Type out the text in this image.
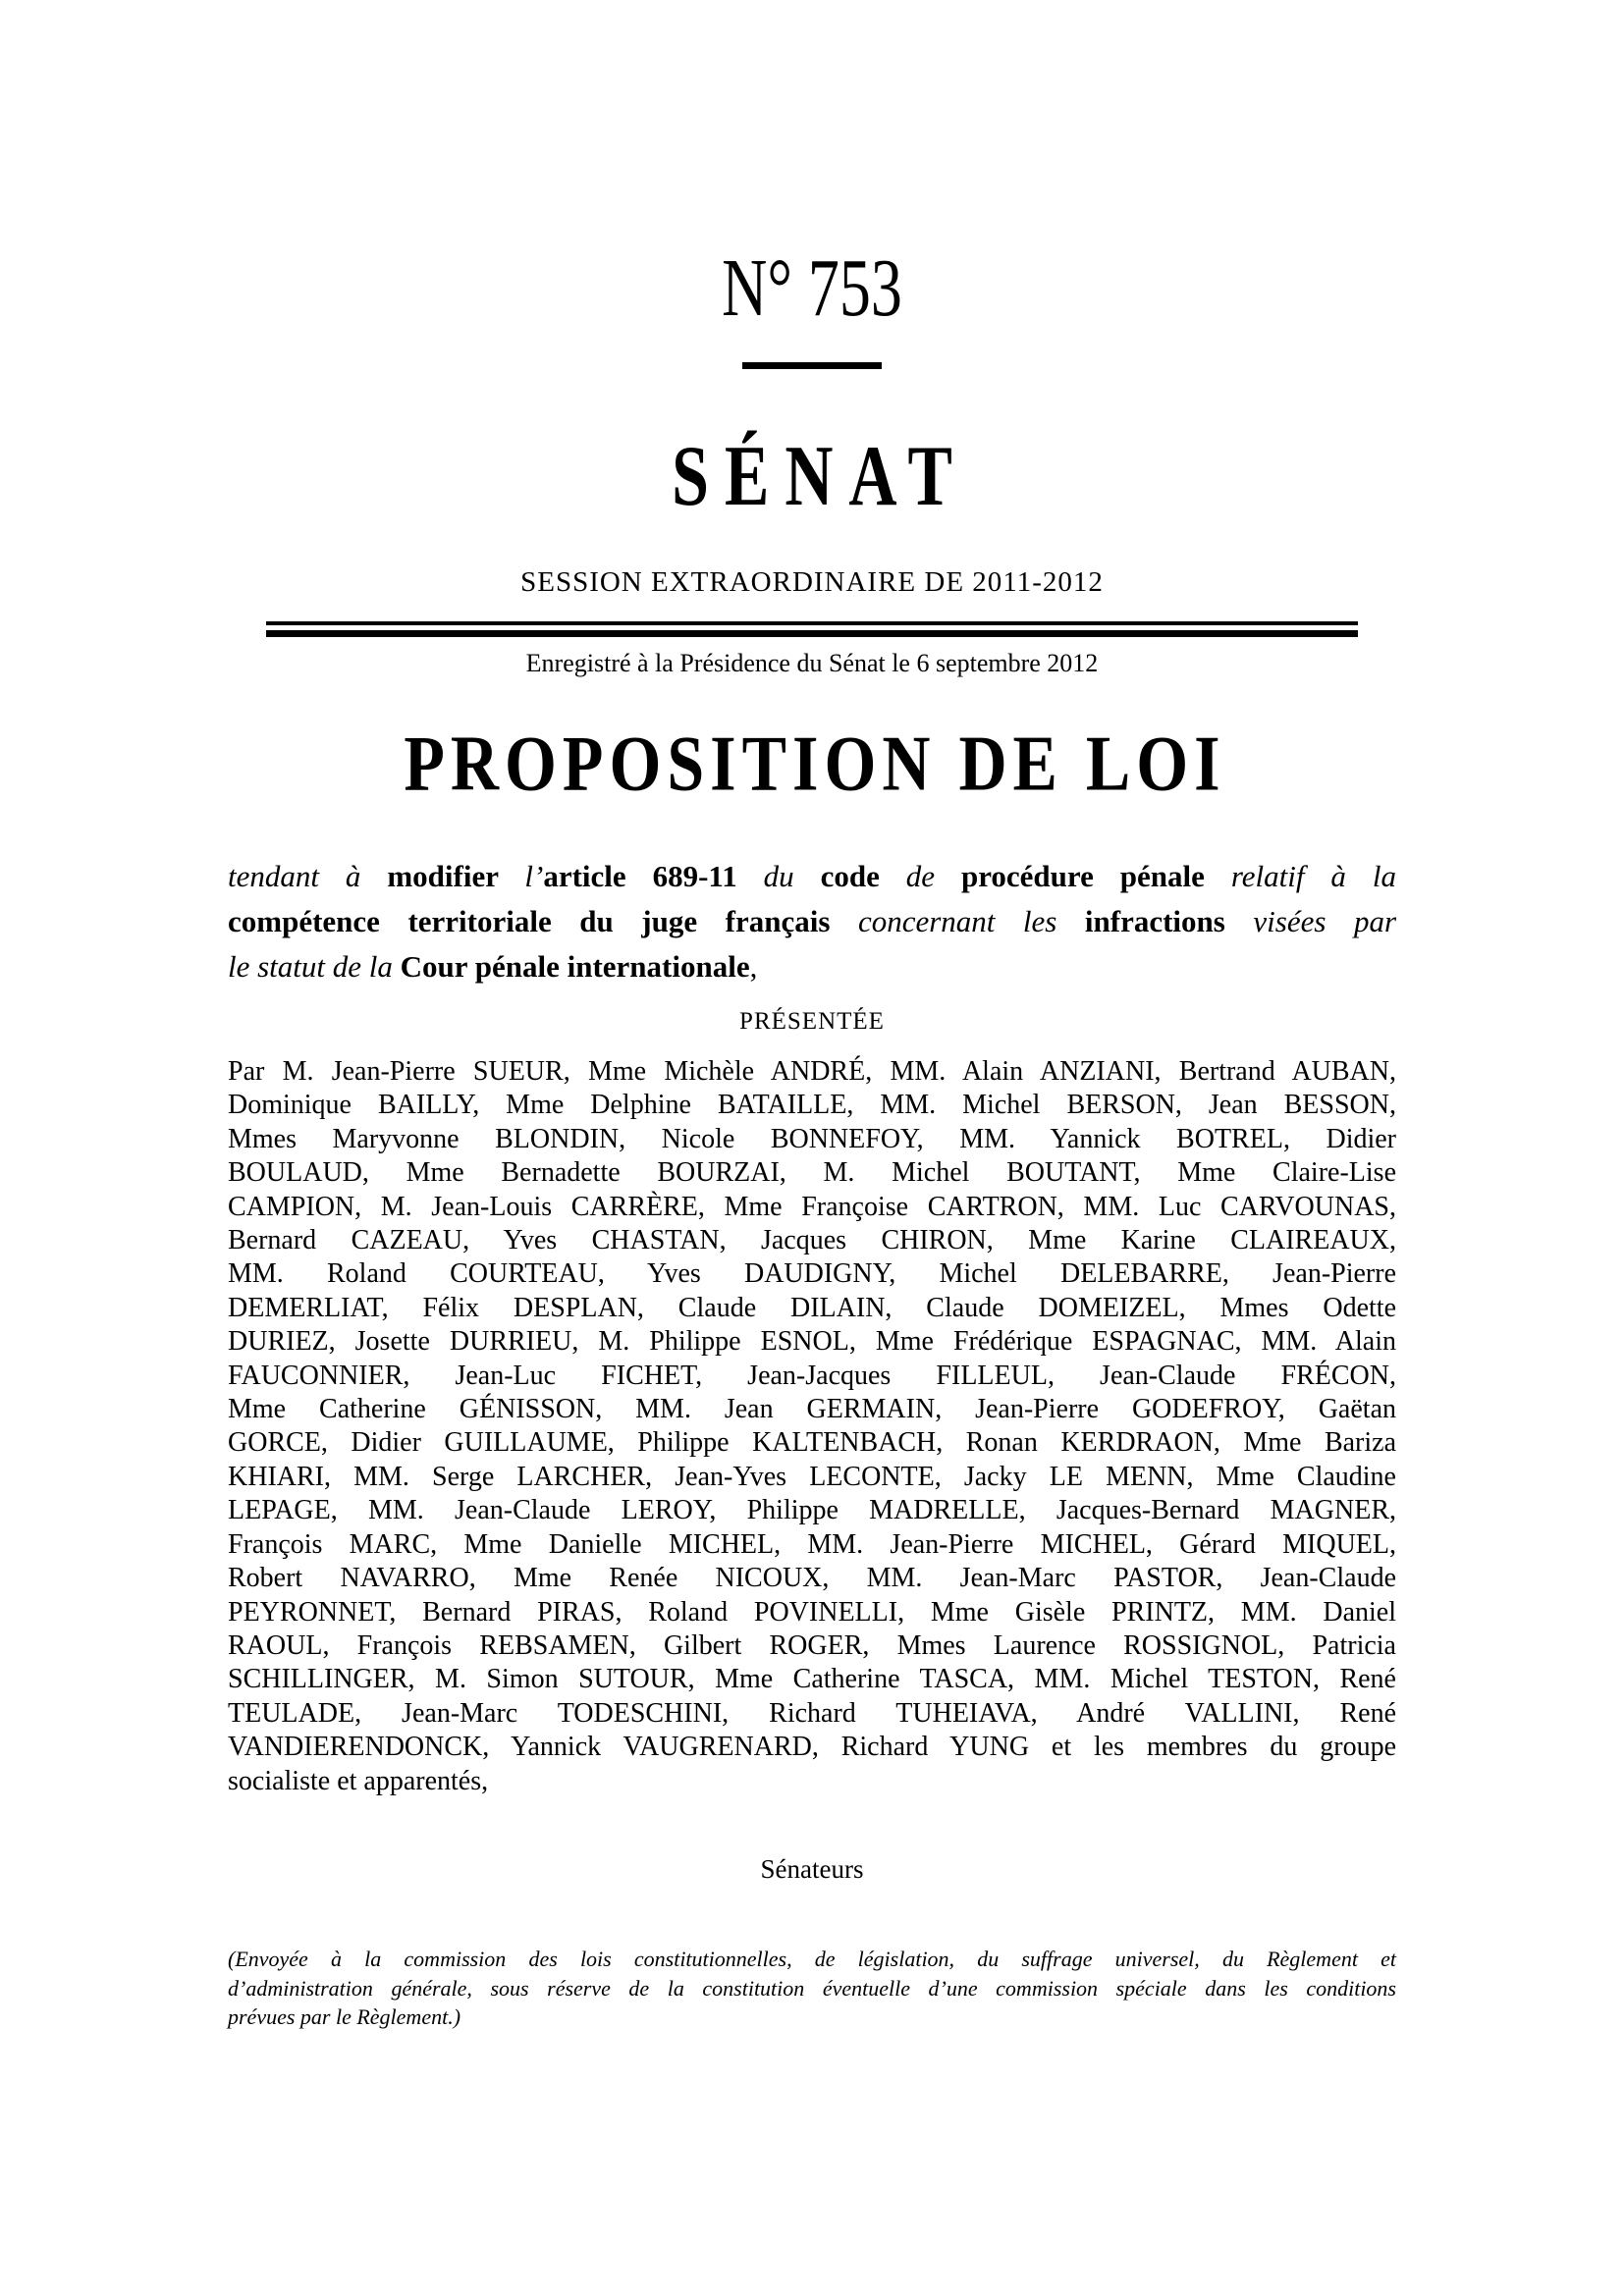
N° 753
SÉNAT
SESSION EXTRAORDINAIRE DE 2011-2012
Enregistré à la Présidence du Sénat le 6 septembre 2012
PROPOSITION DE LOI
tendant à modifier l’article 689-11 du code de procédure pénale relatif à la
compétence territoriale du juge français concernant les infractions visées par
le statut de la Cour pénale internationale,
PRÉSENTÉE
Par M. Jean-Pierre SUEUR, Mme Michèle ANDRÉ, MM. Alain ANZIANI, Bertrand AUBAN,
Dominique BAILLY, Mme Delphine BATAILLE, MM. Michel BERSON, Jean BESSON,
Mmes Maryvonne BLONDIN, Nicole BONNEFOY, MM. Yannick BOTREL, Didier
BOULAUD, Mme Bernadette BOURZAI, M. Michel BOUTANT, Mme Claire-Lise
CAMPION, M. Jean-Louis CARRÈRE, Mme Françoise CARTRON, MM. Luc CARVOUNAS,
Bernard CAZEAU, Yves CHASTAN, Jacques CHIRON, Mme Karine CLAIREAUX,
MM. Roland COURTEAU, Yves DAUDIGNY, Michel DELEBARRE, Jean-Pierre
DEMERLIAT, Félix DESPLAN, Claude DILAIN, Claude DOMEIZEL, Mmes Odette
DURIEZ, Josette DURRIEU, M. Philippe ESNOL, Mme Frédérique ESPAGNAC, MM. Alain
FAUCONNIER, Jean-Luc FICHET, Jean-Jacques FILLEUL, Jean-Claude FRÉCON,
Mme Catherine GÉNISSON, MM. Jean GERMAIN, Jean-Pierre GODEFROY, Gaëtan
GORCE, Didier GUILLAUME, Philippe KALTENBACH, Ronan KERDRAON, Mme Bariza
KHIARI, MM. Serge LARCHER, Jean-Yves LECONTE, Jacky LE MENN, Mme Claudine
LEPAGE, MM. Jean-Claude LEROY, Philippe MADRELLE, Jacques-Bernard MAGNER,
François MARC, Mme Danielle MICHEL, MM. Jean-Pierre MICHEL, Gérard MIQUEL,
Robert NAVARRO, Mme Renée NICOUX, MM. Jean-Marc PASTOR, Jean-Claude
PEYRONNET, Bernard PIRAS, Roland POVINELLI, Mme Gisèle PRINTZ, MM. Daniel
RAOUL, François REBSAMEN, Gilbert ROGER, Mmes Laurence ROSSIGNOL, Patricia
SCHILLINGER, M. Simon SUTOUR, Mme Catherine TASCA, MM. Michel TESTON, René
TEULADE, Jean-Marc TODESCHINI, Richard TUHEIAVA, André VALLINI, René
VANDIERENDONCK, Yannick VAUGRENARD, Richard YUNG et les membres du groupe
socialiste et apparentés,
Sénateurs
(Envoyée à la commission des lois constitutionnelles, de législation, du suffrage universel, du Règlement et
d’administration générale, sous réserve de la constitution éventuelle d’une commission spéciale dans les conditions
prévues par le Règlement.)
